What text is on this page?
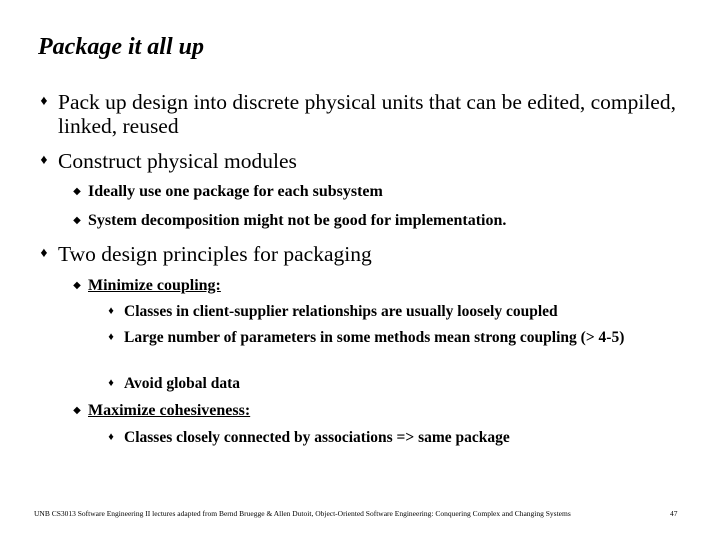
Package it all up
♦ Pack up design into discrete physical units that can be edited, compiled, linked, reused
♦ Construct physical modules
◆ Ideally use one package for each subsystem
◆ System decomposition might not be good for implementation.
♦ Two design principles for packaging
◆ Minimize coupling:
♦ Classes in client-supplier relationships are usually loosely coupled
♦ Large number of parameters in some methods mean strong coupling (> 4-5)
♦ Avoid global data
◆ Maximize cohesiveness:
♦ Classes closely connected by associations => same package
UNB CS3013 Software Engineering II lectures adapted from Bernd Bruegge & Allen Dutoit, Object-Oriented Software Engineering: Conquering Complex and Changing Systems	47
